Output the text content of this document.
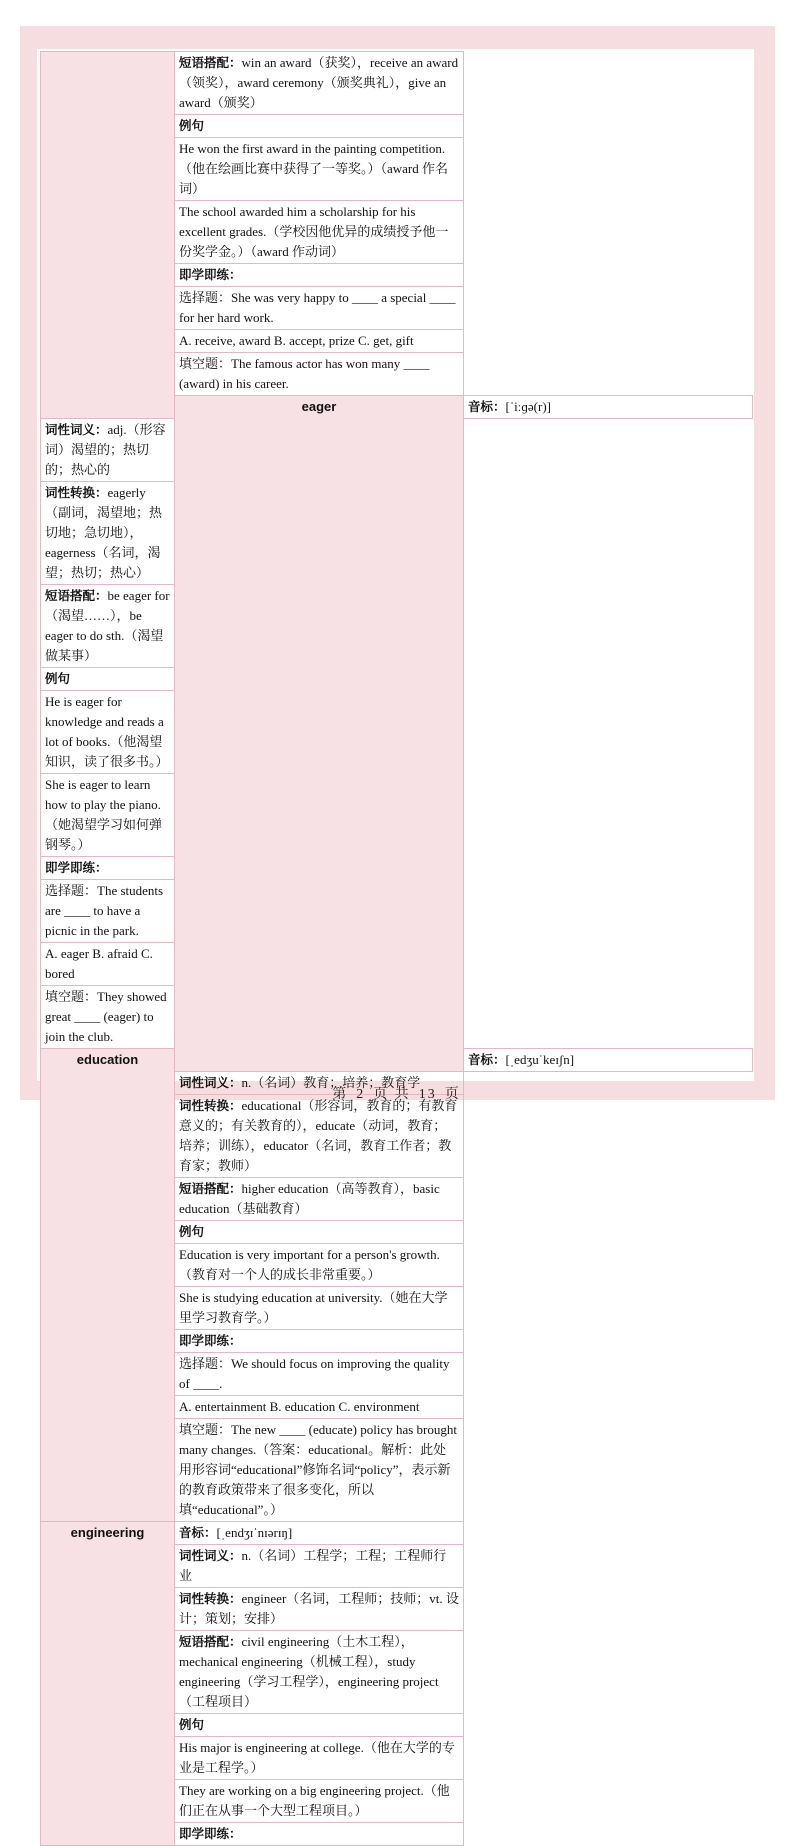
	短语搭配：win an award（获奖），receive an award（领奖），award ceremony（颁奖典礼），give an award（颁奖）	
	例句	
	He won the first award in the painting competition.（他在绘画比赛中获得了一等奖。）（award 作名词）	
	The school awarded him a scholarship for his excellent grades.（学校因他优异的成绩授予他一份奖学金。）（award 作动词）	
	即学即练：	
	选择题：She was very happy to ____ a special ____ for her hard work.	
	A. receive, award B. accept, prize C. get, gift	
	填空题：The famous actor has won many ____ (award) in his career.	
	eager	音标：[ˈiːɡə(r)]
词性词义：adj.（形容词）渴望的；热切的；热心的		
词性转换：eagerly（副词，渴望地；热切地；急切地），eagerness（名词，渴望；热切；热心）		
短语搭配：be eager for（渴望……），be eager to do sth.（渴望做某事）		
例句		
He is eager for knowledge and reads a lot of books.（他渴望知识，读了很多书。）		
She is eager to learn how to play the piano.（她渴望学习如何弹钢琴。）		
即学即练：		
选择题：The students are ____ to have a picnic in the park.		
A. eager B. afraid C. bored		
填空题：They showed great ____ (eager) to join the club.		
education		音标：[ˌedʒuˈkeɪʃn]
	词性词义：n.（名词）教育；培养；教育学	
	词性转换：educational（形容词，教育的；有教育意义的；有关教育的），educate（动词，教育；培养；训练），educator（名词，教育工作者；教育家；教师）	
	短语搭配：higher education（高等教育），basic education（基础教育）	
	例句	
	Education is very important for a person's growth.（教育对一个人的成长非常重要。）	
	She is studying education at university.（她在大学里学习教育学。）	
	即学即练：	
	选择题：We should focus on improving the quality of ____.	
	A. entertainment B. education C. environment	
	填空题：The new ____ (educate) policy has brought many changes.（答案：educational。解析：此处用形容词“educational”修饰名词“policy”，表示新的教育政策带来了很多变化，所以填“educational”。）	
engineering	音标：[ˌendʒɪˈnɪərɪŋ]	
	词性词义：n.（名词）工程学；工程；工程师行业	
	词性转换：engineer（名词，工程师；技师；vt. 设计；策划；安排）	
	短语搭配：civil engineering（土木工程），mechanical engineering（机械工程），study engineering（学习工程学），engineering project（工程项目）	
	例句	
	His major is engineering at college.（他在大学的专业是工程学。）	
	They are working on a big engineering project.（他们正在从事一个大型工程项目。）	
	即学即练：	
第 2 页 共 13 页
